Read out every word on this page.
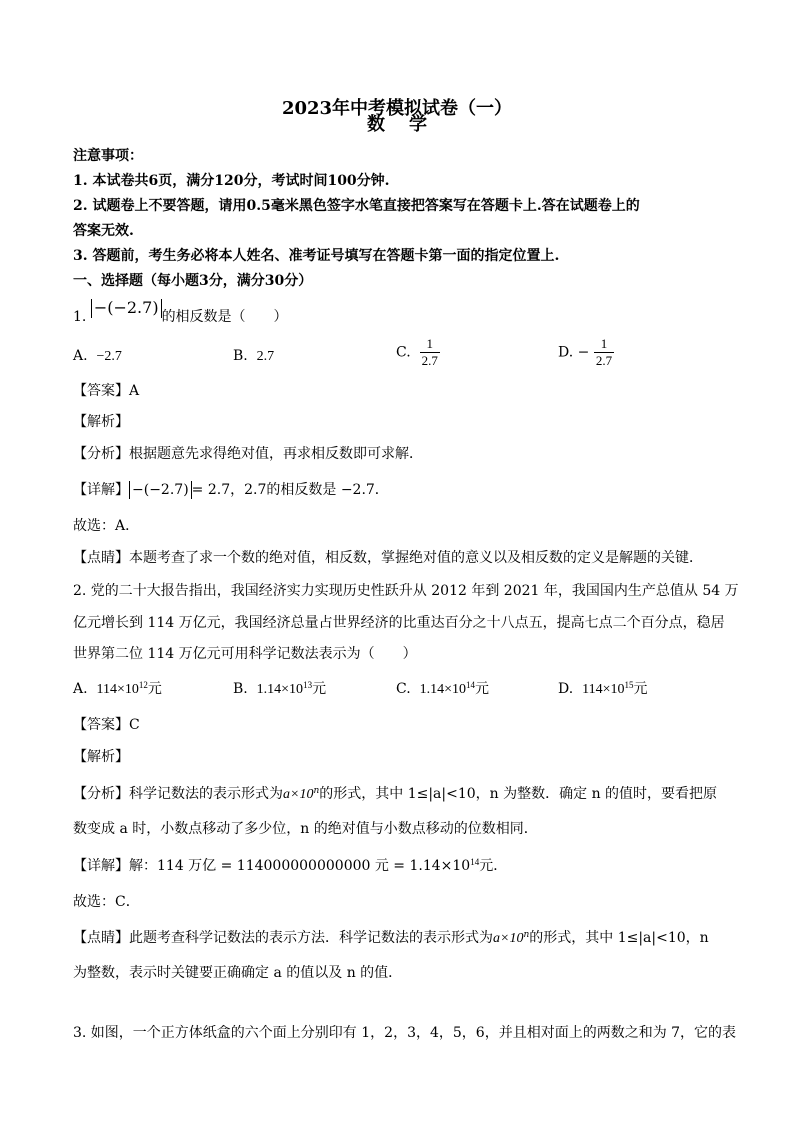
2023年中考模拟试卷（一）
数学
注意事项：
1. 本试卷共6页，满分120分，考试时间100分钟.
2. 试题卷上不要答题，请用0.5毫米黑色签字水笔直接把答案写在答题卡上.答在试题卷上的
答案无效.
3. 答题前，考生务必将本人姓名、准考证号填写在答题卡第一面的指定位置上.
一、选择题（每小题3分，满分30分）
1. −(−2.7) 的相反数是（　　）
A. −2.7	B. 2.7	C. $\frac{1}{2.7}$	D. − $\frac{1}{2.7}$
【答案】A
【解析】
【分析】根据题意先求得绝对值，再求相反数即可求解．
【详解】 −(−2.7) = 2.7，2.7的相反数是 −2.7．
故选：A．
【点睛】本题考查了求一个数的绝对值，相反数，掌握绝对值的意义以及相反数的定义是解题的关键．
2. 党的二十大报告指出，我国经济实力实现历史性跃升从 2012 年到 2021 年，我国国内生产总值从 54 万
亿元增长到 114 万亿元，我国经济总量占世界经济的比重达百分之十八点五，提高七点二个百分点，稳居
世界第二位 114 万亿元可用科学记数法表示为（　　）
A. $114\times 10^{12}$元	B. $1.14\times 10^{13}$元	C. $1.14\times 10^{14}$元	D. $114\times 10^{15}$元
【答案】C
【解析】
【分析】科学记数法的表示形式为$a\times 10^n$的形式，其中 1≤|a|<10，n 为整数．确定 n 的值时，要看把原
数变成 a 时，小数点移动了多少位，n 的绝对值与小数点移动的位数相同．
【详解】解：114 万亿 = 114000000000000 元 = $1.14\times 10^{14}$元．
故选：C．
【点睛】此题考查科学记数法的表示方法．科学记数法的表示形式为$a\times 10^n$的形式，其中 1≤|a|<10，n
为整数，表示时关键要正确确定 a 的值以及 n 的值．
3. 如图，一个正方体纸盒的六个面上分别印有 1，2，3，4，5，6，并且相对面上的两数之和为 7，它的表
